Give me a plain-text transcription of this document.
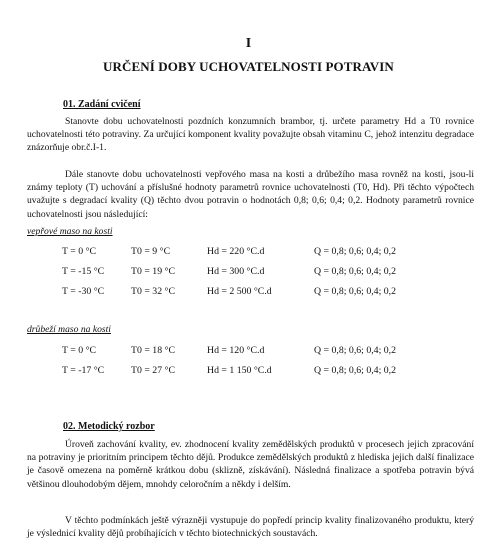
I
URČENÍ DOBY UCHOVATELNOSTI POTRAVIN
01. Zadání cvičení
Stanovte dobu uchovatelnosti pozdních konzumních brambor, tj. určete parametry Hd a T0 rovnice uchovatelnosti této potraviny. Za určující komponent kvality považujte obsah vitaminu C, jehož intenzitu degradace znázorňuje obr.č.I-1.
Dále stanovte dobu uchovatelnosti vepřového masa na kosti a drůbežího masa rovněž na kosti, jsou-li známy teploty (T) uchování a příslušné hodnoty parametrů rovnice uchovatelnosti (T0, Hd). Při těchto výpočtech uvažujte s degradací kvality (Q) těchto dvou potravin o hodnotách 0,8; 0,6; 0,4; 0,2. Hodnoty parametrů rovnice uchovatelnosti jsou následující:
vepřové maso na kosti
T = 0 °C	T0 = 9 °C	Hd = 220 °C.d	Q = 0,8; 0,6; 0,4; 0,2
T = -15 °C	T0 = 19 °C	Hd = 300 °C.d	Q = 0,8; 0,6; 0,4; 0,2
T = -30 °C	T0 = 32 °C	Hd = 2 500 °C.d	Q = 0,8; 0,6; 0,4; 0,2
drůbeží maso na kosti
T = 0 °C	T0 = 18 °C	Hd = 120 °C.d	Q = 0,8; 0,6; 0,4; 0,2
T = -17 °C	T0 = 27 °C	Hd = 1 150 °C.d	Q = 0,8; 0,6; 0,4; 0,2
02. Metodický rozbor
Úroveň zachování kvality, ev. zhodnocení kvality zemědělských produktů v procesech jejich zpracování na potraviny je prioritním principem těchto dějů. Produkce zemědělských produktů z hlediska jejich další finalizace je časově omezena na poměrně krátkou dobu (sklizně, získávání). Následná finalizace a spotřeba potravin bývá většinou dlouhodobým dějem, mnohdy celoročním a někdy i delším.
V těchto podmínkách ještě výrazněji vystupuje do popředí princip kvality finalizovaného produktu, který je výslednicí kvality dějů probíhajících v těchto biotechnických soustavách.
